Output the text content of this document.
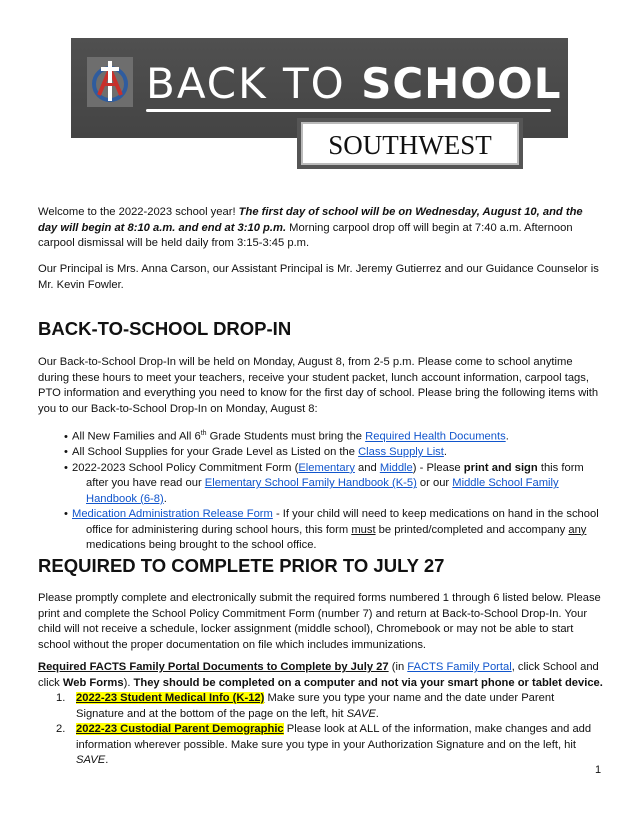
BACK TO SCHOOL
SOUTHWEST

Welcome to the 2022-2023 school year! The first day of school will be on Wednesday, August 10, and the day will begin at 8:10 a.m. and end at 3:10 p.m. Morning carpool drop off will begin at 7:40 a.m. Afternoon carpool dismissal will be held daily from 3:15-3:45 p.m.

Our Principal is Mrs. Anna Carson, our Assistant Principal is Mr. Jeremy Gutierrez and our Guidance Counselor is Mr. Kevin Fowler.

BACK-TO-SCHOOL DROP-IN

Our Back-to-School Drop-In will be held on Monday, August 8, from 2-5 p.m. Please come to school anytime during these hours to meet your teachers, receive your student packet, lunch account information, carpool tags, PTO information and everything you need to know for the first day of school. Please bring the following items with you to our Back-to-School Drop-In on Monday, August 8:

• All New Families and All 6th Grade Students must bring the Required Health Documents.
• All School Supplies for your Grade Level as Listed on the Class Supply List.
• 2022-2023 School Policy Commitment Form (Elementary and Middle) - Please print and sign this form after you have read our Elementary School Family Handbook (K-5) or our Middle School Family Handbook (6-8).
• Medication Administration Release Form - If your child will need to keep medications on hand in the school office for administering during school hours, this form must be printed/completed and accompany any medications being brought to the school office.
REQUIRED TO COMPLETE PRIOR TO JULY 27

Please promptly complete and electronically submit the required forms numbered 1 through 6 listed below. Please print and complete the School Policy Commitment Form (number 7) and return at Back-to-School Drop-In. Your child will not receive a schedule, locker assignment (middle school), Chromebook or may not be able to start school without the proper documentation on file which includes immunizations.

Required FACTS Family Portal Documents to Complete by July 27 (in FACTS Family Portal, click School and click Web Forms). They should be completed on a computer and not via your smart phone or tablet device.

1. 2022-23 Student Medical Info (K-12) Make sure you type your name and the date under Parent Signature and at the bottom of the page on the left, hit SAVE.
2. 2022-23 Custodial Parent Demographic Please look at ALL of the information, make changes and add information wherever possible. Make sure you type in your Authorization Signature and on the left, hit SAVE.
1
